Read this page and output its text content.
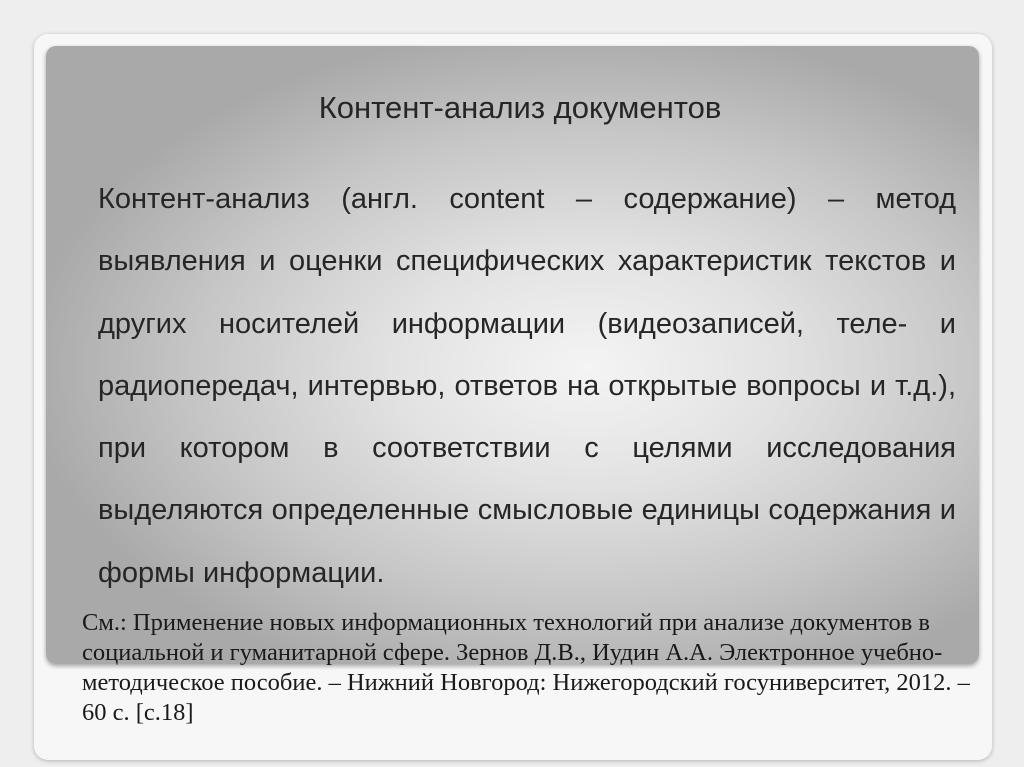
Контент-анализ документов

Контент-анализ (англ. content – содержание) – метод выявления и оценки специфических характеристик текстов и других носителей информации (видеозаписей, теле- и радиопередач, интервью, ответов на открытые вопросы и т.д.), при котором в соответствии с целями исследования выделяются определенные смысловые единицы содержания и формы информации.

См.: Применение новых информационных технологий при анализе документов в социальной и гуманитарной сфере. Зернов Д.В., Иудин А.А. Электронное учебно-методическое пособие. – Нижний Новгород: Нижегородский госуниверситет, 2012. – 60 с. [с.18]
